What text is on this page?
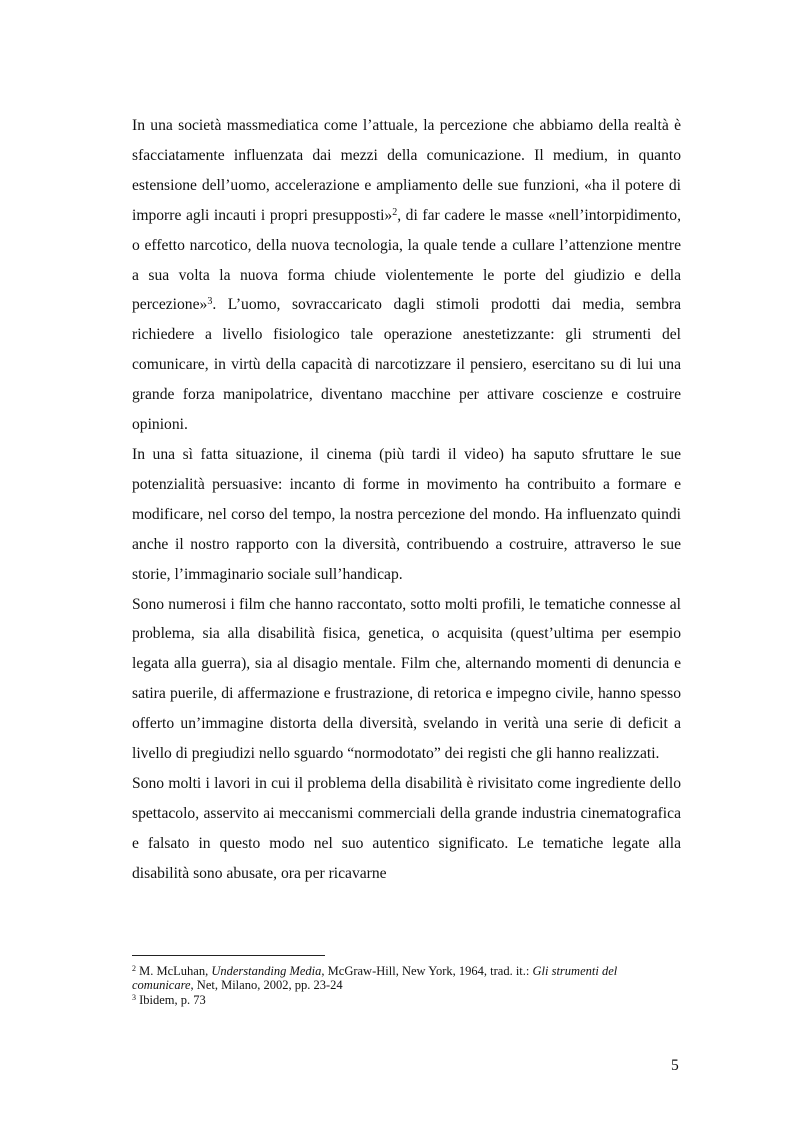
In una società massmediatica come l’attuale, la percezione che abbiamo della realtà è sfacciatamente influenzata dai mezzi della comunicazione. Il medium, in quanto estensione dell’uomo, accelerazione e ampliamento delle sue funzioni, «ha il potere di imporre agli incauti i propri presupposti»$^2$, di far cadere le masse «nell’intorpidimento, o effetto narcotico, della nuova tecnologia, la quale tende a cullare l’attenzione mentre a sua volta la nuova forma chiude violentemente le porte del giudizio e della percezione»$^3$. L’uomo, sovraccaricato dagli stimoli prodotti dai media, sembra richiedere a livello fisiologico tale operazione anestetizzante: gli strumenti del comunicare, in virtù della capacità di narcotizzare il pensiero, esercitano su di lui una grande forza manipolatrice, diventano macchine per attivare coscienze e costruire opinioni.

In una sì fatta situazione, il cinema (più tardi il video) ha saputo sfruttare le sue potenzialità persuasive: incanto di forme in movimento ha contribuito a formare e modificare, nel corso del tempo, la nostra percezione del mondo. Ha influenzato quindi anche il nostro rapporto con la diversità, contribuendo a costruire, attraverso le sue storie, l’immaginario sociale sull’handicap.

Sono numerosi i film che hanno raccontato, sotto molti profili, le tematiche connesse al problema, sia alla disabilità fisica, genetica, o acquisita (quest’ultima per esempio legata alla guerra), sia al disagio mentale. Film che, alternando momenti di denuncia e satira puerile, di affermazione e frustrazione, di retorica e impegno civile, hanno spesso offerto un’immagine distorta della diversità, svelando in verità una serie di deficit a livello di pregiudizi nello sguardo “normodotato” dei registi che gli hanno realizzati.

Sono molti i lavori in cui il problema della disabilità è rivisitato come ingrediente dello spettacolo, asservito ai meccanismi commerciali della grande industria cinematografica e falsato in questo modo nel suo autentico significato. Le tematiche legate alla disabilità sono abusate, ora per ricavarne

$^2$ M. McLuhan, Understanding Media, McGraw-Hill, New York, 1964, trad. it.: Gli strumenti del comunicare, Net, Milano, 2002, pp. 23-24

$^3$ Ibidem, p. 73

5
